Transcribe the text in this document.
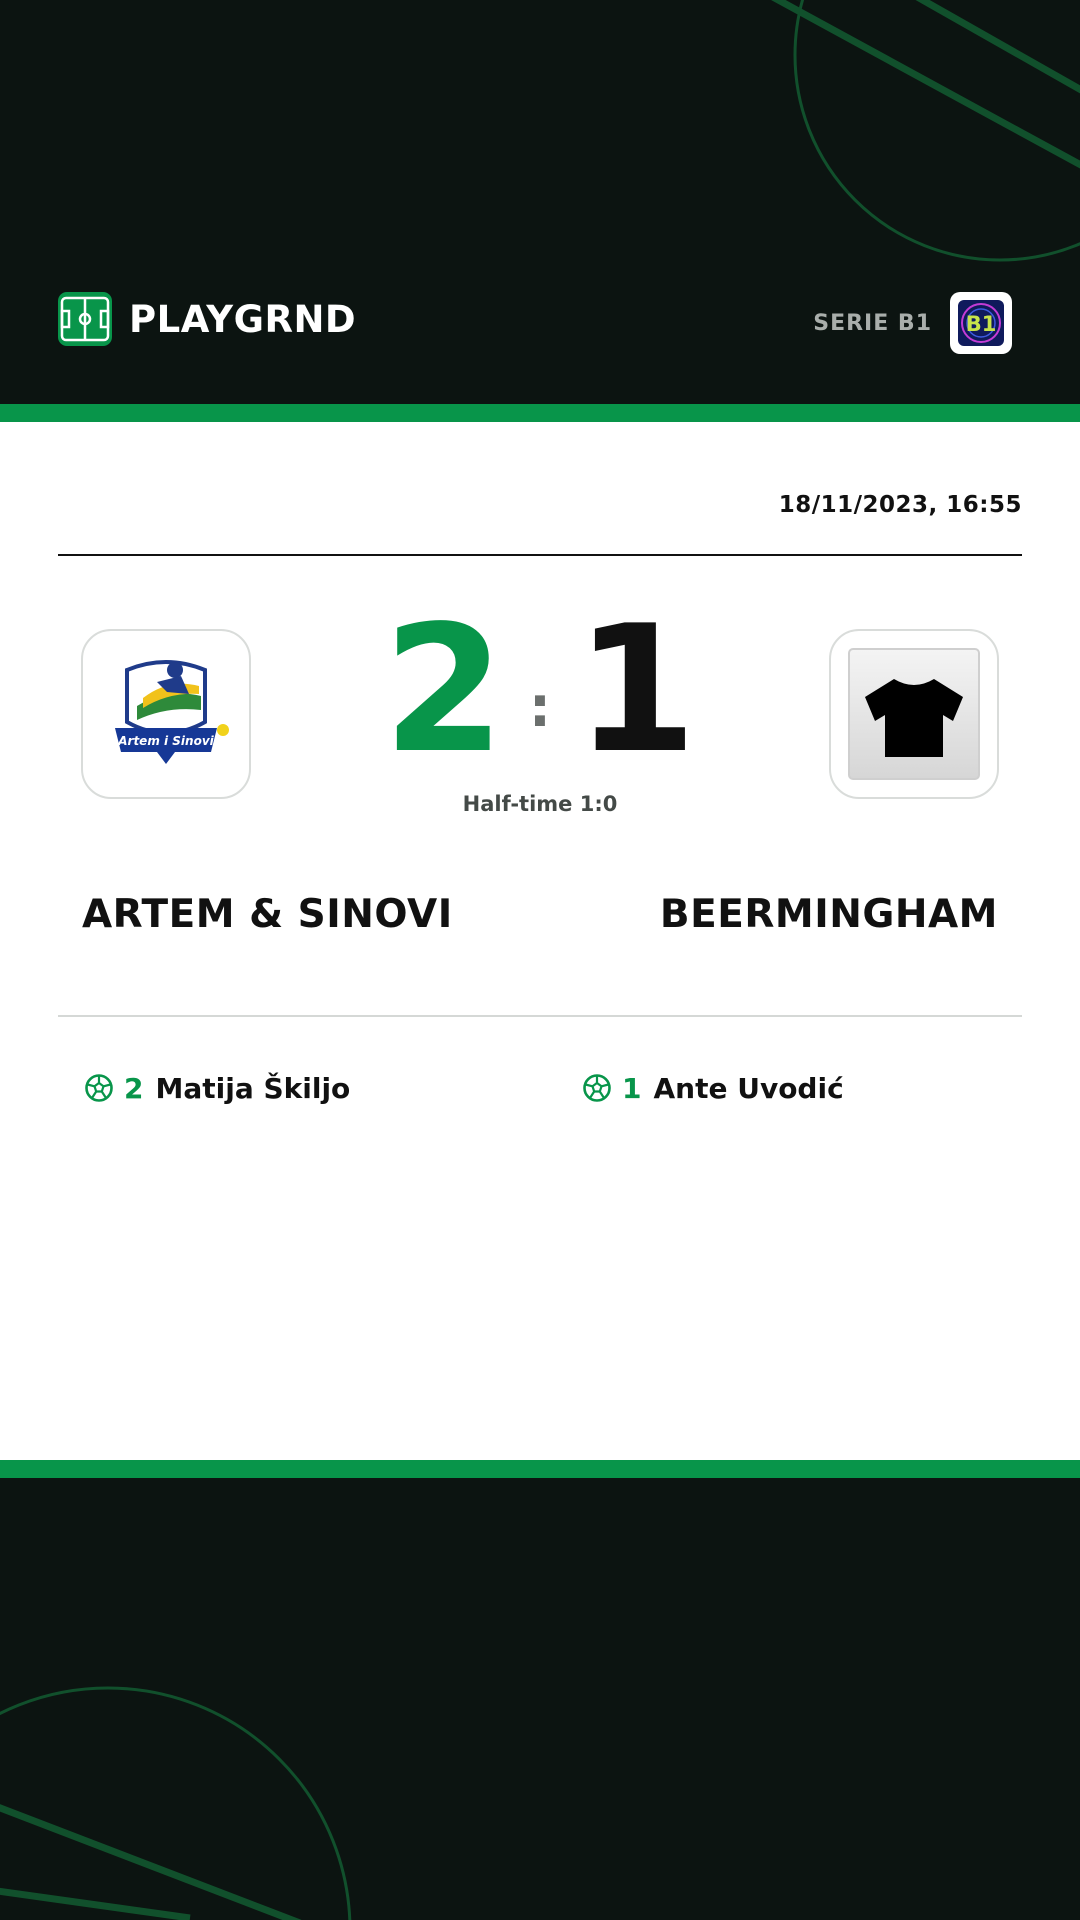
PLAYGRND	SERIE B1 B1
18/11/2023, 16:55
Artem i Sinovi 2 : 1
Half-time 1:0
ARTEM & SINOVI	BEERMINGHAM
2 Matija Škiljo	1 Ante Uvodić
